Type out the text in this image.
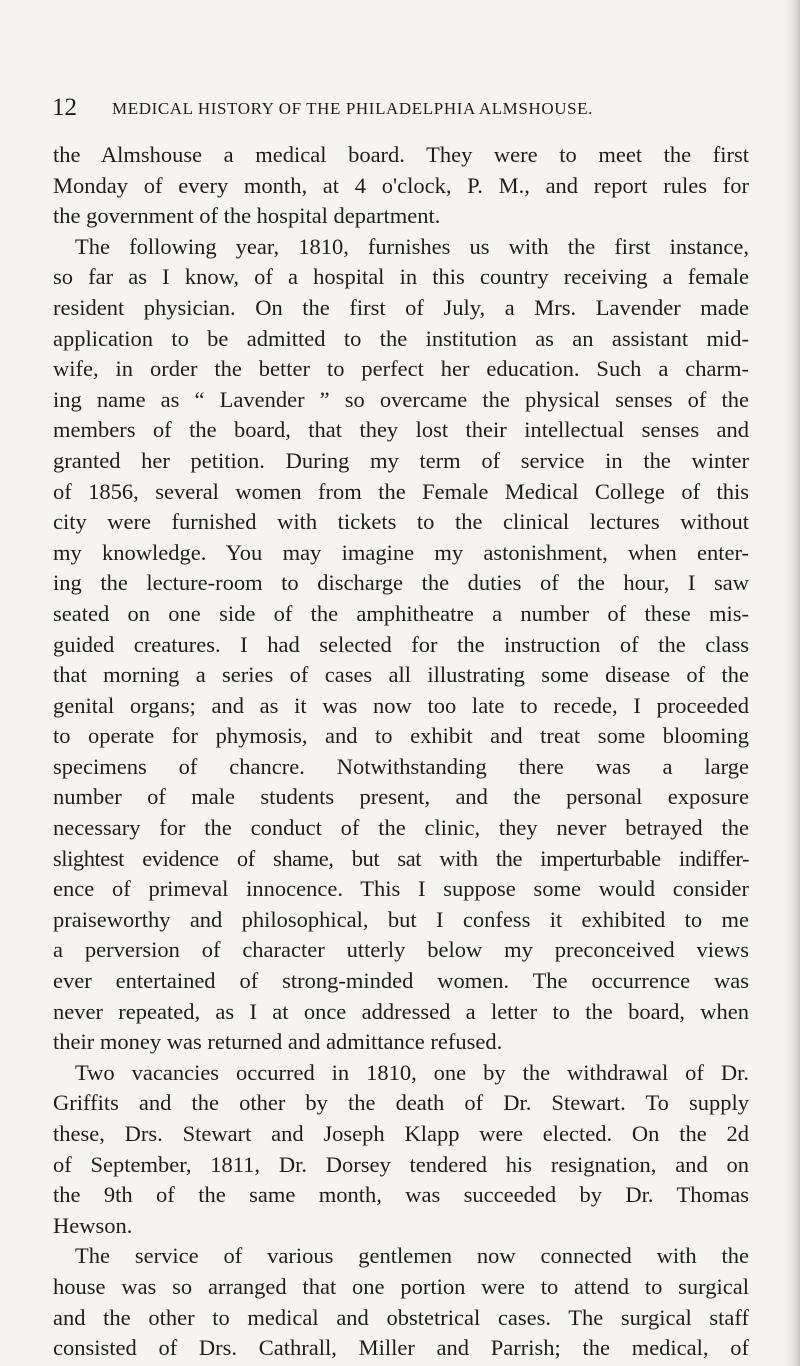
12 MEDICAL HISTORY OF THE PHILADELPHIA ALMSHOUSE.
the Almshouse a medical board. They were to meet the first
Monday of every month, at 4 o'clock, P. M., and report rules for
the government of the hospital department.
The following year, 1810, furnishes us with the first instance,
so far as I know, of a hospital in this country receiving a female
resident physician. On the first of July, a Mrs. Lavender made
application to be admitted to the institution as an assistant mid-
wife, in order the better to perfect her education. Such a charm-
ing name as “ Lavender ” so overcame the physical senses of the
members of the board, that they lost their intellectual senses and
granted her petition. During my term of service in the winter
of 1856, several women from the Female Medical College of this
city were furnished with tickets to the clinical lectures without
my knowledge. You may imagine my astonishment, when enter-
ing the lecture-room to discharge the duties of the hour, I saw
seated on one side of the amphitheatre a number of these mis-
guided creatures. I had selected for the instruction of the class
that morning a series of cases all illustrating some disease of the
genital organs; and as it was now too late to recede, I proceeded
to operate for phymosis, and to exhibit and treat some blooming
specimens of chancre. Notwithstanding there was a large
number of male students present, and the personal exposure
necessary for the conduct of the clinic, they never betrayed the
slightest evidence of shame, but sat with the imperturbable indiffer-
ence of primeval innocence. This I suppose some would consider
praiseworthy and philosophical, but I confess it exhibited to me
a perversion of character utterly below my preconceived views
ever entertained of strong-minded women. The occurrence was
never repeated, as I at once addressed a letter to the board, when
their money was returned and admittance refused.
Two vacancies occurred in 1810, one by the withdrawal of Dr.
Griffits and the other by the death of Dr. Stewart. To supply
these, Drs. Stewart and Joseph Klapp were elected. On the 2d
of September, 1811, Dr. Dorsey tendered his resignation, and on
the 9th of the same month, was succeeded by Dr. Thomas
Hewson.
The service of various gentlemen now connected with the
house was so arranged that one portion were to attend to surgical
and the other to medical and obstetrical cases. The surgical staff
consisted of Drs. Cathrall, Miller and Parrish; the medical, of
